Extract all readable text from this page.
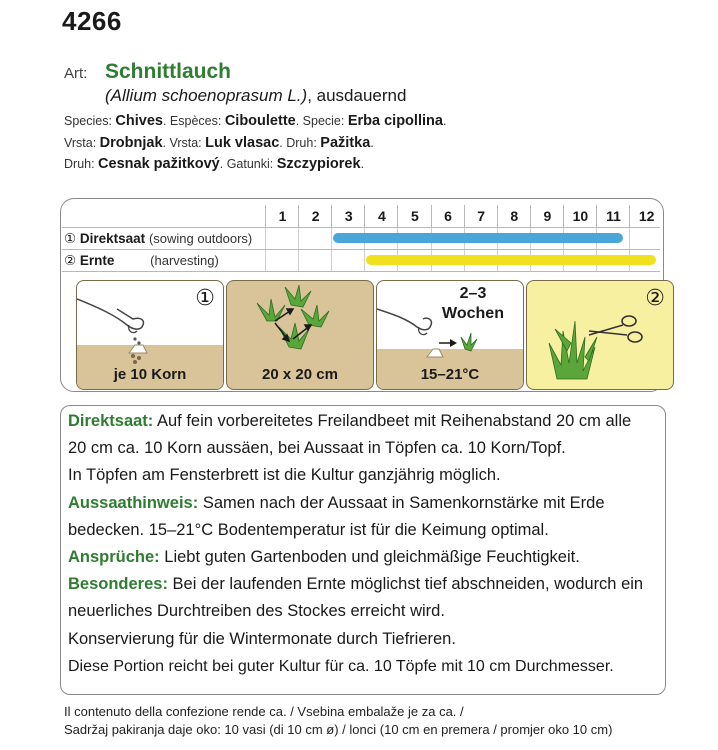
4266
Art: Schnittlauch
(Allium schoenoprasum L.), ausdauernd
Species: Chives. Espèces: Ciboulette. Specie: Erba cipollina.
Vrsta: Drobnjak. Vrsta: Luk vlasac. Druh: Pažitka.
Druh: Cesnak pažitkový. Gatunki: Szczypiorek.
1	2	3	4	5	6	7	8	9	10	11	12
① Direktsaat (sowing outdoors)
② Ernte	(harvesting)
①
je 10 Korn	20 x 20 cm
2–3
Wochen
15–21°C
②
Direktsaat: Auf fein vorbereitetes Freilandbeet mit Reihenabstand 20 cm alle
20 cm ca. 10 Korn aussäen, bei Aussaat in Töpfen ca. 10 Korn/Topf.
In Töpfen am Fensterbrett ist die Kultur ganzjährig möglich.
Aussaathinweis: Samen nach der Aussaat in Samenkornstärke mit Erde
bedecken. 15–21°C Bodentemperatur ist für die Keimung optimal.
Ansprüche: Liebt guten Gartenboden und gleichmäßige Feuchtigkeit.
Besonderes: Bei der laufenden Ernte möglichst tief abschneiden, wodurch ein
neuerliches Durchtreiben des Stockes erreicht wird.
Konservierung für die Wintermonate durch Tiefrieren.
Diese Portion reicht bei guter Kultur für ca. 10 Töpfe mit 10 cm Durchmesser.
Il contenuto della confezione rende ca. / Vsebina embalaže je za ca. /
Sadržaj pakiranja daje oko: 10 vasi (di 10 cm ø) / lonci (10 cm en premera / promjer oko 10 cm)
